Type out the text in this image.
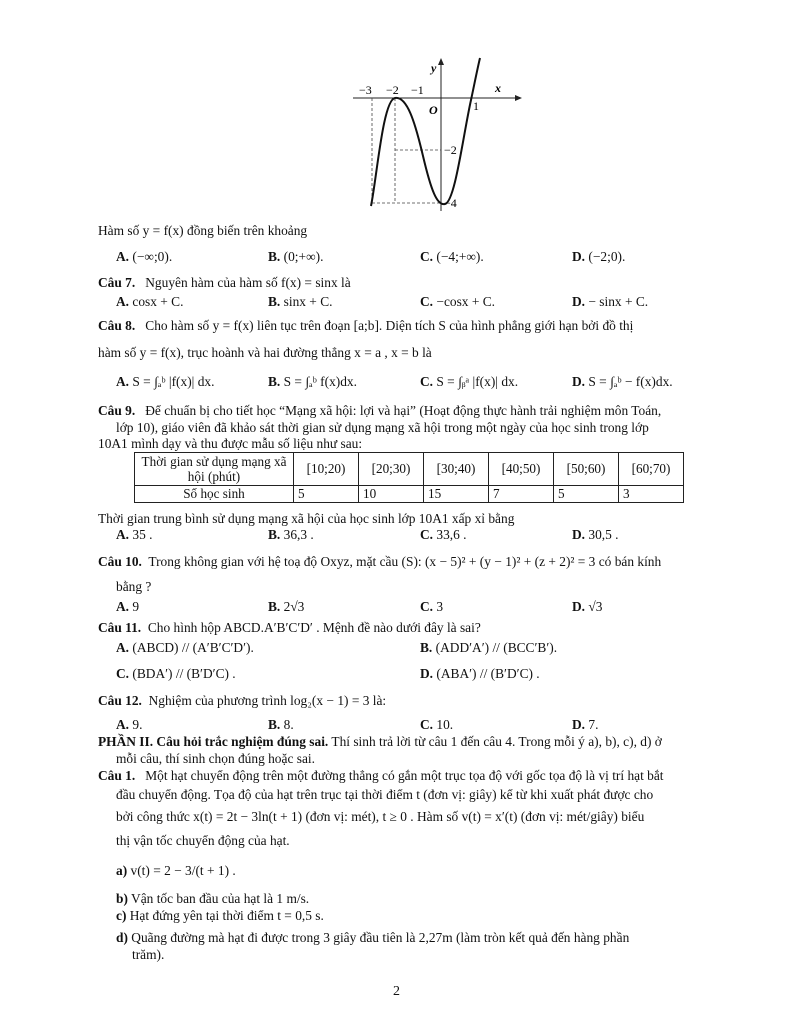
−3 −2 −1
O	1
−2
−4
x
y
Hàm số y = f(x) đồng biến trên khoảng
A. (−∞;0).	B. (0;+∞).	C. (−4;+∞).	D. (−2;0).
Câu 7. Nguyên hàm của hàm số f(x) = sinx là
A. cosx + C.	B. sinx + C.	C. −cosx + C.	D. − sinx + C.
Câu 8. Cho hàm số y = f(x) liên tục trên đoạn [a;b]. Diện tích S của hình phẳng giới hạn bởi đồ thị
hàm số y = f(x), trục hoành và hai đường thẳng x = a , x = b là
A. S = ∫ₐᵇ |f(x)| dx.	B. S = ∫ₐᵇ f(x)dx.	C. S = ∫ᵦᵃ |f(x)| dx.	D. S = ∫ₐᵇ − f(x)dx.
Câu 9. Để chuẩn bị cho tiết học “Mạng xã hội: lợi và hại” (Hoạt động thực hành trải nghiệm môn Toán,
lớp 10), giáo viên đã khảo sát thời gian sử dụng mạng xã hội trong một ngày của học sinh trong lớp
10A1 mình dạy và thu được mẫu số liệu như sau:
Thời gian sử dụng mạng xã hội (phút)	[10;20)	[20;30)	[30;40)	[40;50)	[50;60)	[60;70)
Số học sinh	5	10	15	7	5	3
Thời gian trung bình sử dụng mạng xã hội của học sinh lớp 10A1 xấp xỉ bằng
A. 35 .	B. 36,3 .	C. 33,6 .	D. 30,5 .
Câu 10. Trong không gian với hệ toạ độ Oxyz, mặt cầu (S): (x − 5)² + (y − 1)² + (z + 2)² = 3 có bán kính
bằng ?
A. 9	B. 2√3	C. 3	D. √3
Câu 11. Cho hình hộp ABCD.A′B′C′D′ . Mệnh đề nào dưới đây là sai?
A. (ABCD) // (A′B′C′D′).	B. (ADD′A′) // (BCC′B′).
C. (BDA′) // (B′D′C) .	D. (ABA′) // (B′D′C) .
Câu 12. Nghiệm của phương trình log₂(x − 1) = 3 là:
A. 9.	B. 8.	C. 10.	D. 7.
PHẦN II. Câu hỏi trắc nghiệm đúng sai. Thí sinh trả lời từ câu 1 đến câu 4. Trong mỗi ý a), b), c), d) ở
mỗi câu, thí sinh chọn đúng hoặc sai.
Câu 1. Một hạt chuyển động trên một đường thẳng có gắn một trục tọa độ với gốc tọa độ là vị trí hạt bắt
đầu chuyển động. Tọa độ của hạt trên trục tại thời điểm t (đơn vị: giây) kể từ khi xuất phát được cho
bởi công thức x(t) = 2t − 3ln(t + 1) (đơn vị: mét), t ≥ 0 . Hàm số v(t) = x′(t) (đơn vị: mét/giây) biểu
thị vận tốc chuyển động của hạt.
a) v(t) = 2 − 3/(t + 1) .
b) Vận tốc ban đầu của hạt là 1 m/s.
c) Hạt đứng yên tại thời điểm t = 0,5 s.
d) Quãng đường mà hạt đi được trong 3 giây đầu tiên là 2,27m (làm tròn kết quả đến hàng phần
trăm).
2
